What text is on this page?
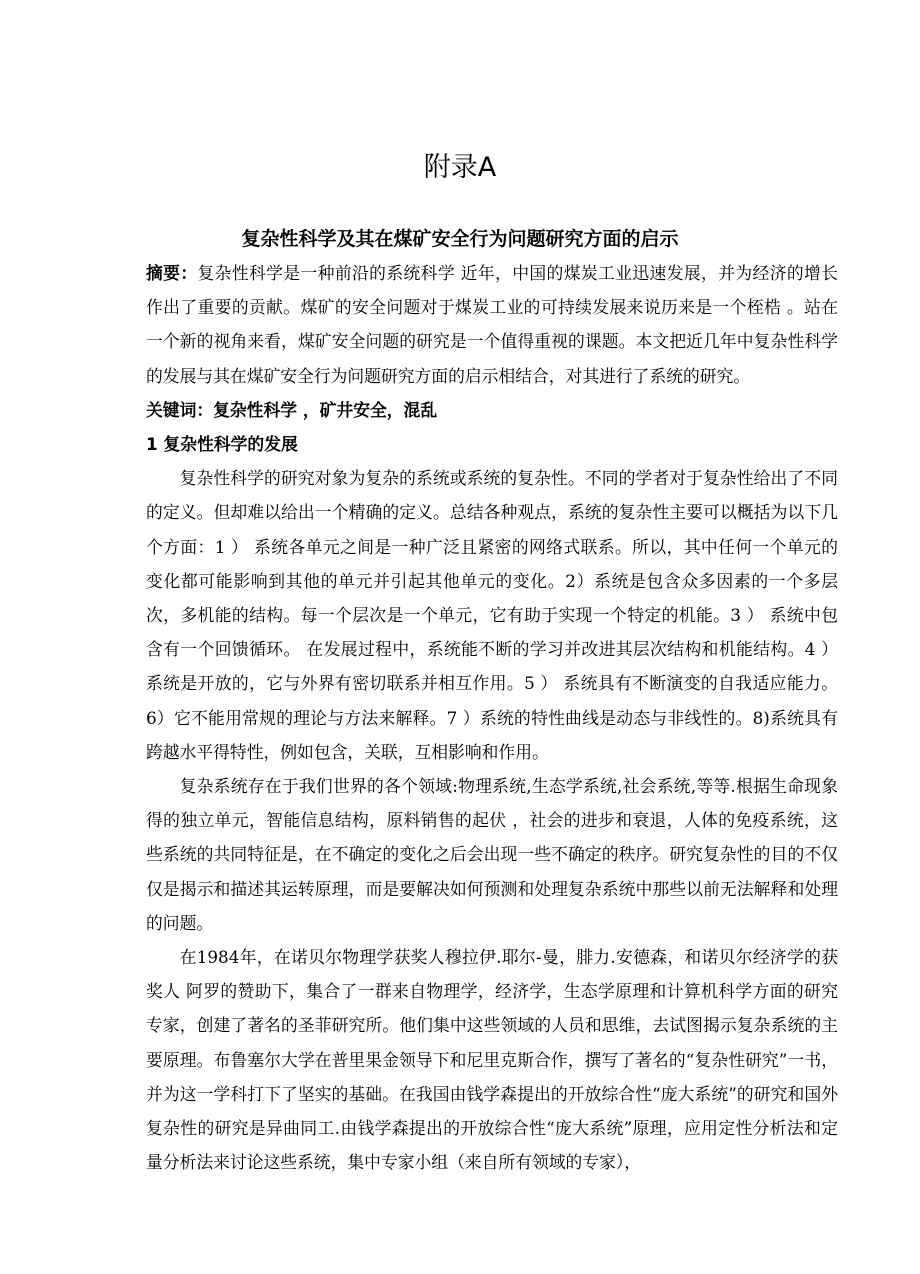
附录A
复杂性科学及其在煤矿安全行为问题研究方面的启示

摘要：复杂性科学是一种前沿的系统科学 近年，中国的煤炭工业迅速发展，并为经济的增长作出了重要的贡献。煤矿的安全问题对于煤炭工业的可持续发展来说历来是一个桎梏 。站在一个新的视角来看，煤矿安全问题的研究是一个值得重视的课题。本文把近几年中复杂性科学的发展与其在煤矿安全行为问题研究方面的启示相结合，对其进行了系统的研究。

关键词：复杂性科学 ，矿井安全，混乱

1 复杂性科学的发展

复杂性科学的研究对象为复杂的系统或系统的复杂性。不同的学者对于复杂性给出了不同的定义。但却难以给出一个精确的定义。总结各种观点，系统的复杂性主要可以概括为以下几个方面：1 ） 系统各单元之间是一种广泛且紧密的网络式联系。所以，其中任何一个单元的变化都可能影响到其他的单元并引起其他单元的变化。2）系统是包含众多因素的一个多层次，多机能的结构。每一个层次是一个单元，它有助于实现一个特定的机能。3 ） 系统中包含有一个回馈循环。 在发展过程中，系统能不断的学习并改进其层次结构和机能结构。4 ） 系统是开放的，它与外界有密切联系并相互作用。5 ） 系统具有不断演变的自我适应能力。6）它不能用常规的理论与方法来解释。7 ）系统的特性曲线是动态与非线性的。8)系统具有跨越水平得特性，例如包含，关联，互相影响和作用。

复杂系统存在于我们世界的各个领域:物理系统,生态学系统,社会系统,等等.根据生命现象得的独立单元，智能信息结构，原料销售的起伏 ，社会的进步和衰退，人体的免疫系统，这些系统的共同特征是，在不确定的变化之后会出现一些不确定的秩序。研究复杂性的目的不仅仅是揭示和描述其运转原理，而是要解决如何预测和处理复杂系统中那些以前无法解释和处理的问题。

在1984年，在诺贝尔物理学获奖人穆拉伊.耶尔-曼，腓力.安德森，和诺贝尔经济学的获奖人 阿罗的赞助下，集合了一群来自物理学，经济学，生态学原理和计算机科学方面的研究专家，创建了著名的圣菲研究所。他们集中这些领域的人员和思维，去试图揭示复杂系统的主要原理。布鲁塞尔大学在普里果金领导下和尼里克斯合作，撰写了著名的“复杂性研究”一书，并为这一学科打下了坚实的基础。在我国由钱学森提出的开放综合性“庞大系统”的研究和国外复杂性的研究是异曲同工.由钱学森提出的开放综合性“庞大系统”原理，应用定性分析法和定量分析法来讨论这些系统，集中专家小组（来自所有领域的专家），
